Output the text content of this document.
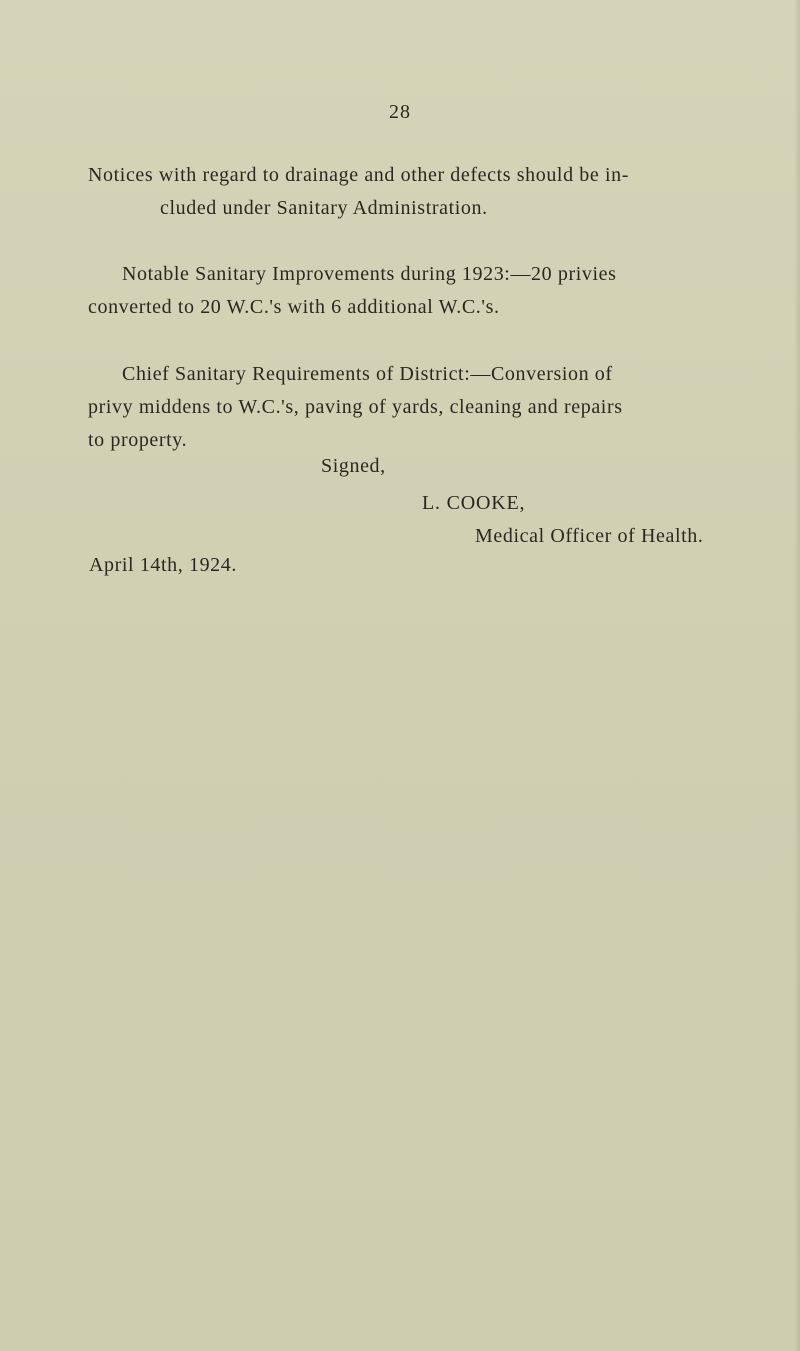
28

Notices with regard to drainage and other defects should be in-
cluded under Sanitary Administration.

Notable Sanitary Improvements during 1923:—20 privies
converted to 20 W.C.'s with 6 additional W.C.'s.

Chief Sanitary Requirements of District:—Conversion of
privy middens to W.C.'s, paving of yards, cleaning and repairs
to property.

Signed,
L. COOKE,
Medical Officer of Health.
April 14th, 1924.
